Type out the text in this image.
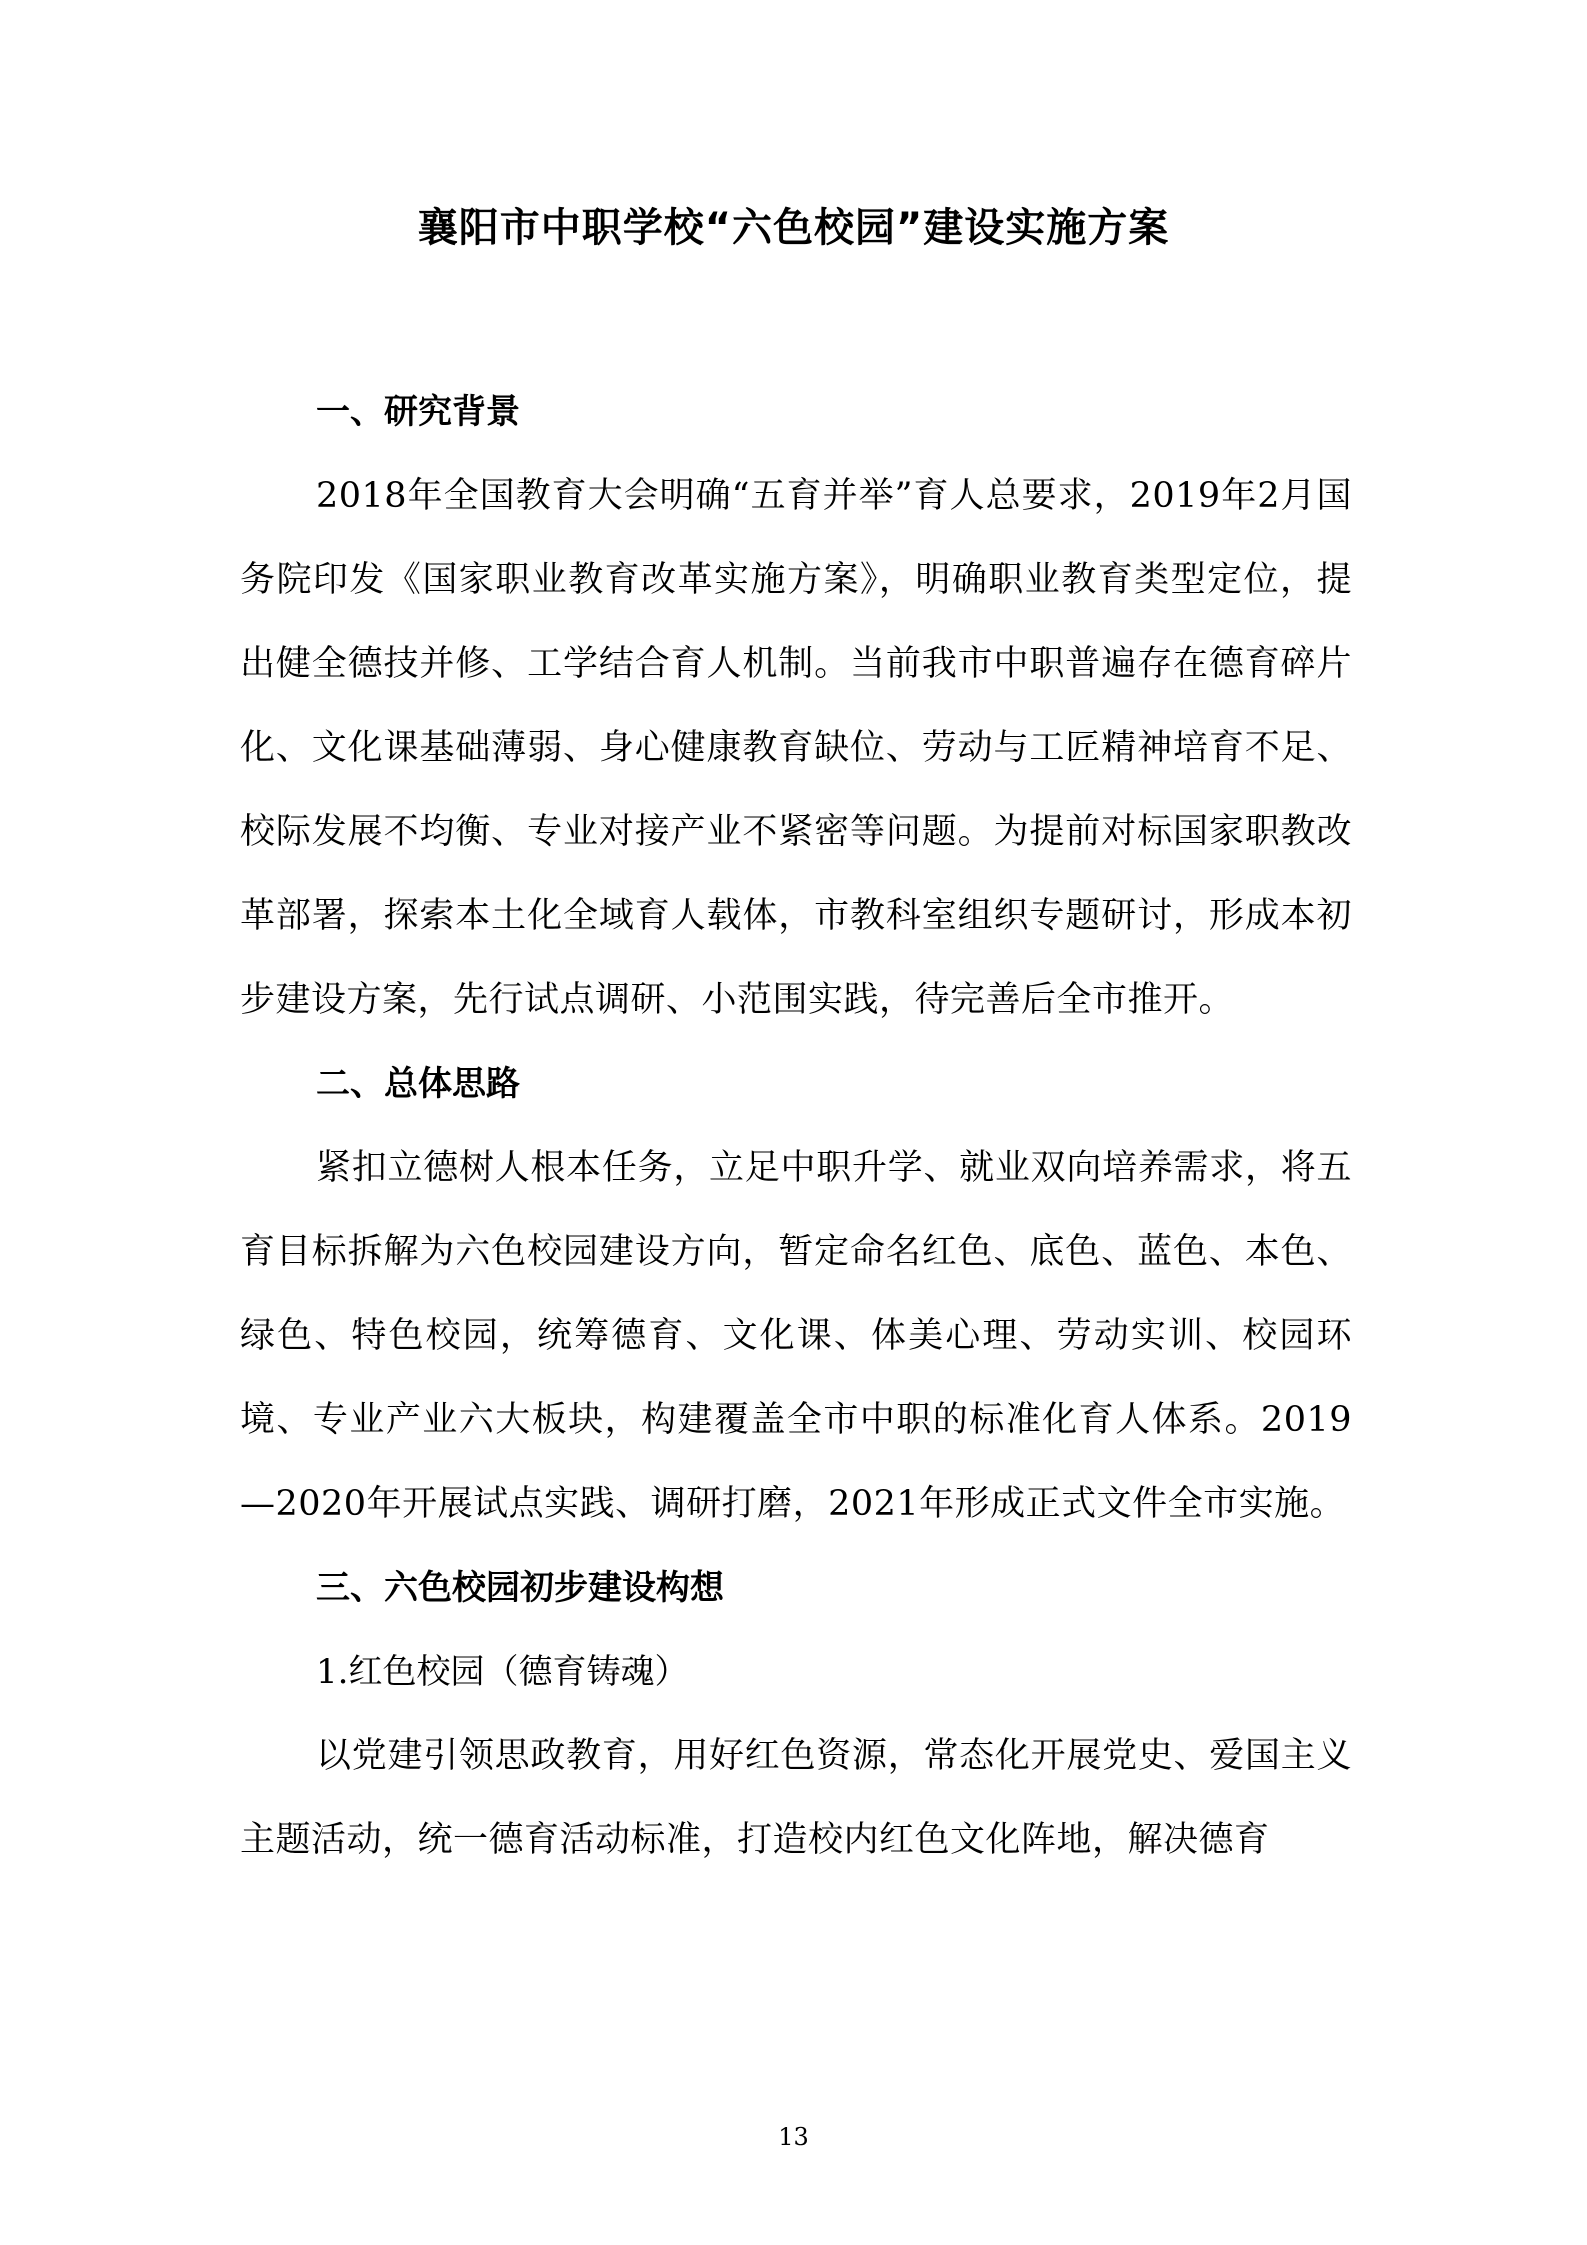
襄阳市中职学校“六色校园”建设实施方案
一、研究背景
2018年全国教育大会明确“五育并举”育人总要求，2019年2月国务院印发《国家职业教育改革实施方案》，明确职业教育类型定位，提出健全德技并修、工学结合育人机制。当前我市中职普遍存在德育碎片化、文化课基础薄弱、身心健康教育缺位、劳动与工匠精神培育不足、校际发展不均衡、专业对接产业不紧密等问题。为提前对标国家职教改革部署，探索本土化全域育人载体，市教科室组织专题研讨，形成本初步建设方案，先行试点调研、小范围实践，待完善后全市推开。
二、总体思路
紧扣立德树人根本任务，立足中职升学、就业双向培养需求，将五育目标拆解为六色校园建设方向，暂定命名红色、底色、蓝色、本色、绿色、特色校园，统筹德育、文化课、体美心理、劳动实训、校园环境、专业产业六大板块，构建覆盖全市中职的标准化育人体系。2019—2020年开展试点实践、调研打磨，2021年形成正式文件全市实施。
三、六色校园初步建设构想
1.红色校园（德育铸魂）
以党建引领思政教育，用好红色资源，常态化开展党史、爱国主义主题活动，统一德育活动标准，打造校内红色文化阵地，解决德育
13
